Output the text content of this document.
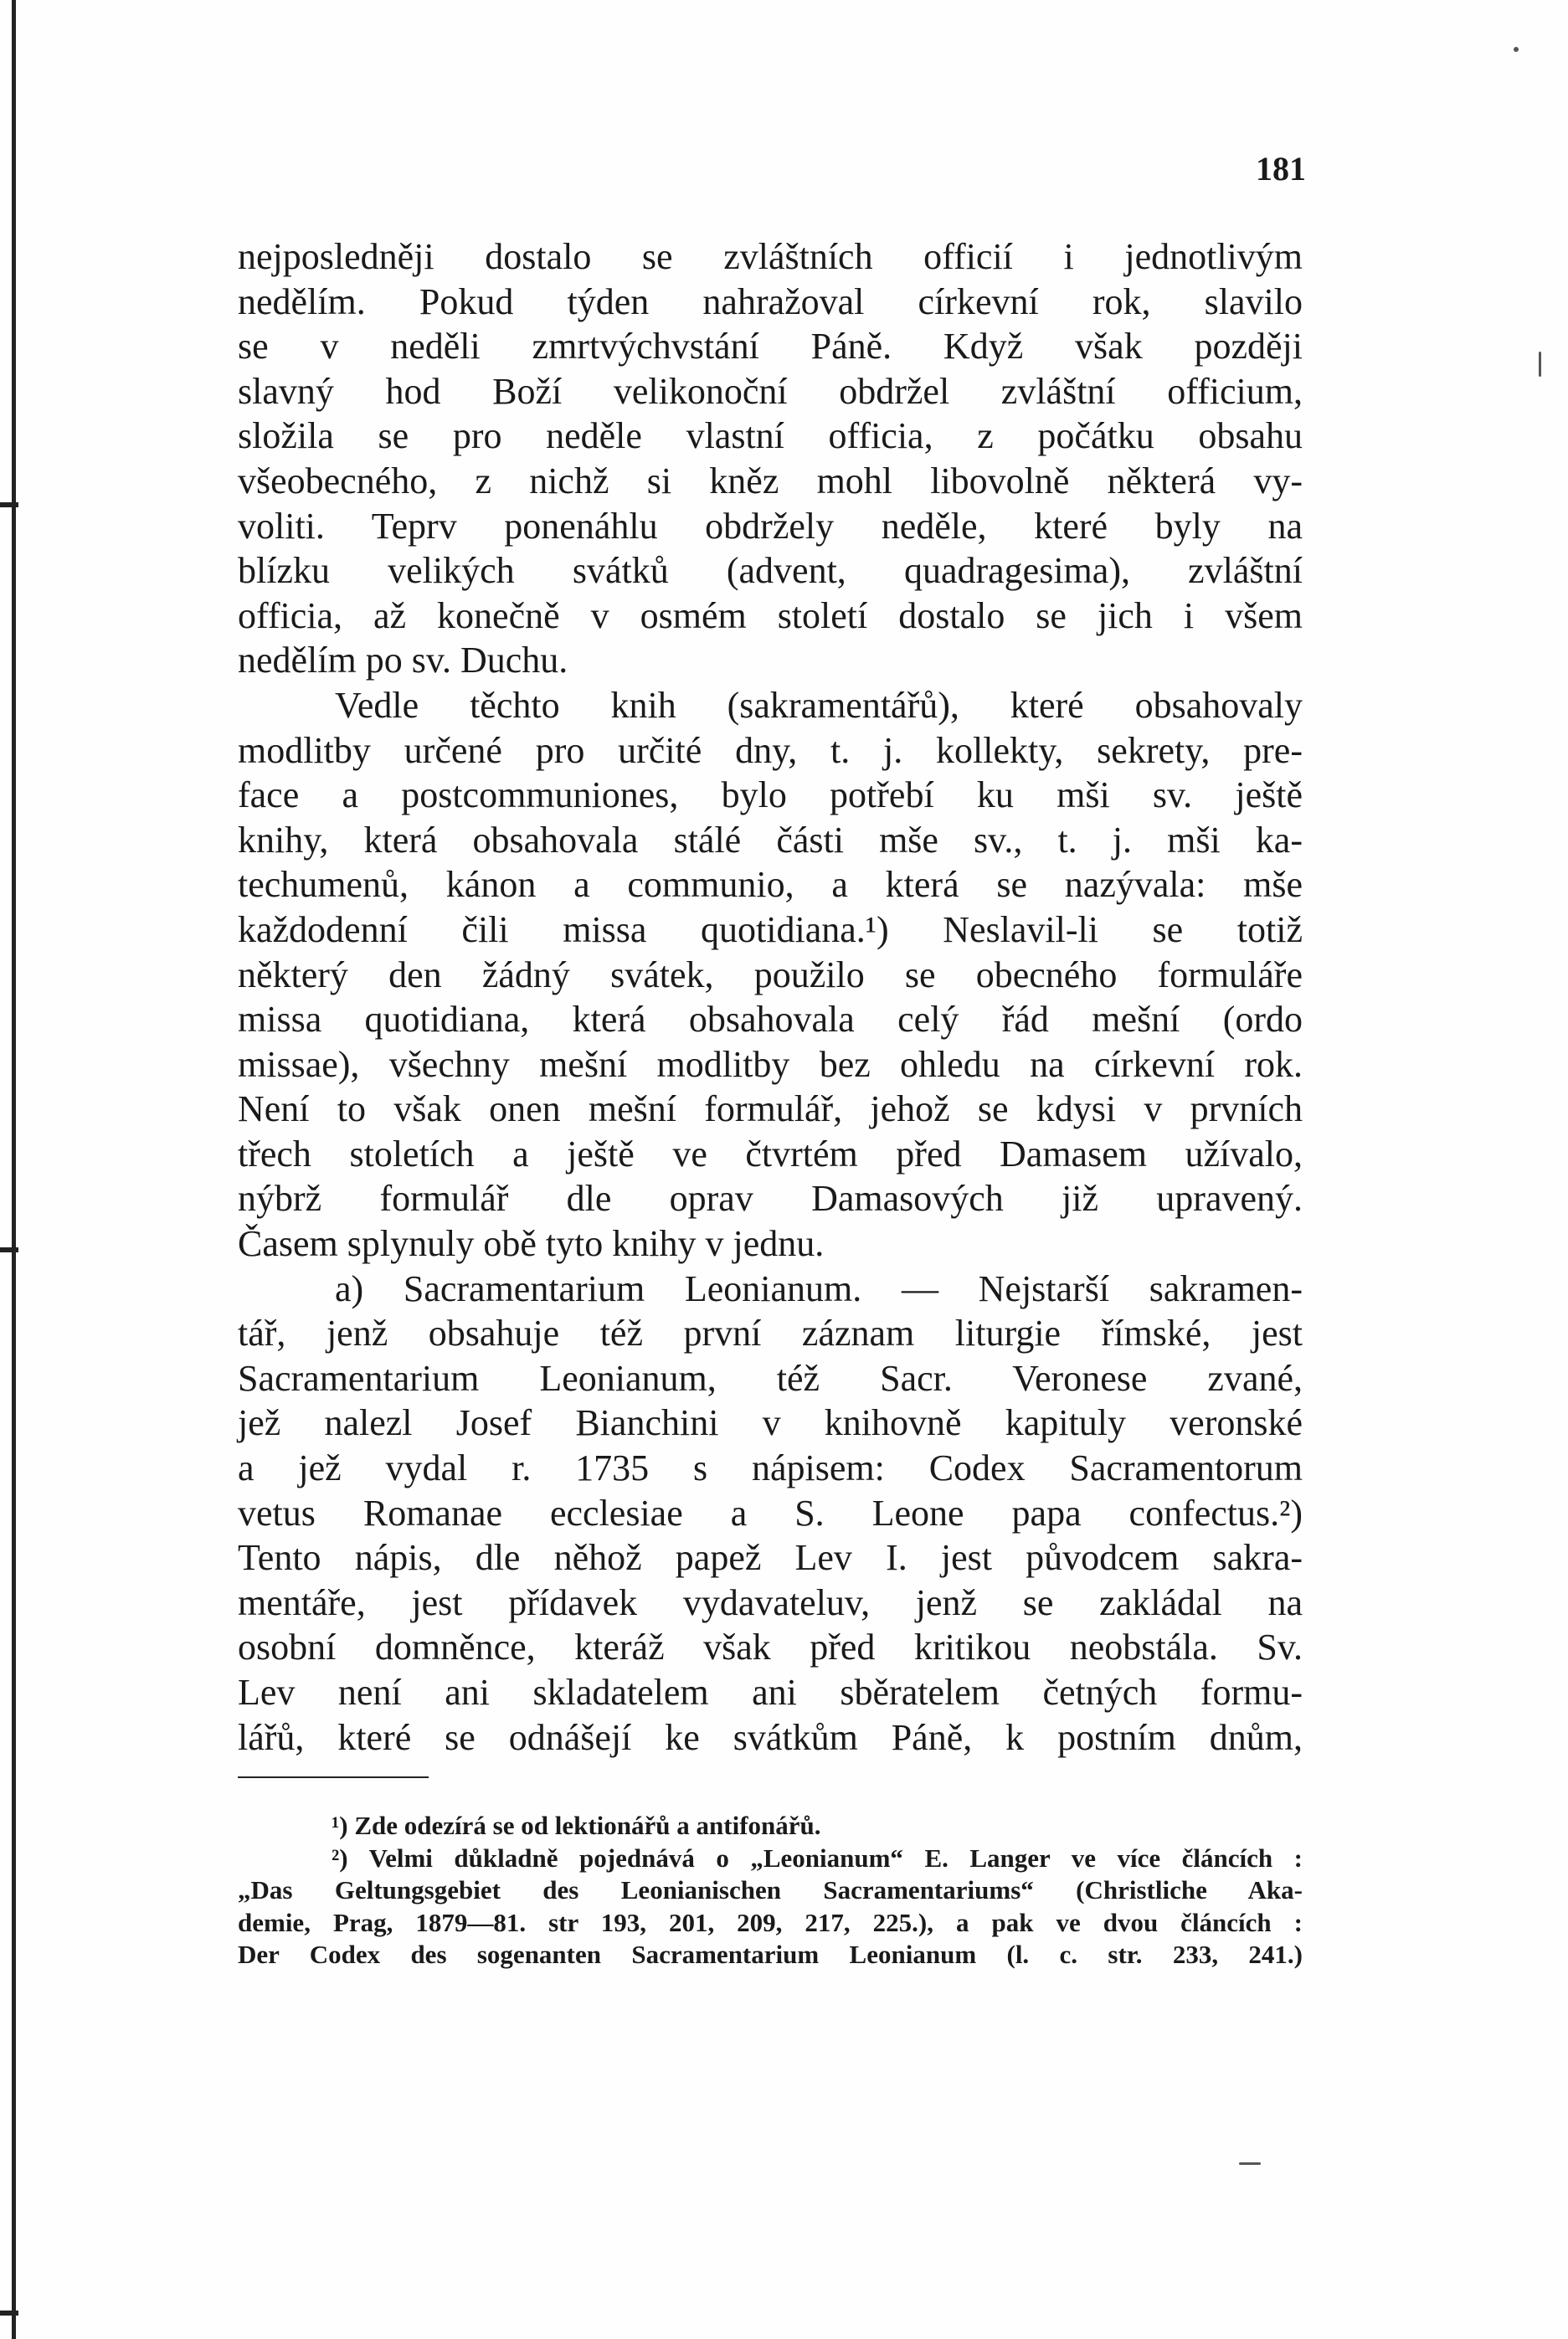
181
nejposledněji dostalo se zvláštních officií i jednotlivým
nedělím. Pokud týden nahražoval církevní rok, slavilo
se v neděli zmrtvýchvstání Páně. Když však později
slavný hod Boží velikonoční obdržel zvláštní officium,
složila se pro neděle vlastní officia, z počátku obsahu
všeobecného, z nichž si kněz mohl libovolně některá vy-
voliti. Teprv ponenáhlu obdržely neděle, které byly na
blízku velikých svátků (advent, quadragesima), zvláštní
officia, až konečně v osmém století dostalo se jich i všem
nedělím po sv. Duchu.
Vedle těchto knih (sakramentářů), které obsahovaly
modlitby určené pro určité dny, t. j. kollekty, sekrety, pre-
face a postcommuniones, bylo potřebí ku mši sv. ještě
knihy, která obsahovala stálé části mše sv., t. j. mši ka-
techumenů, kánon a communio, a která se nazývala: mše
každodenní čili missa quotidiana.¹) Neslavil-li se totiž
některý den žádný svátek, použilo se obecného formuláře
missa quotidiana, která obsahovala celý řád mešní (ordo
missae), všechny mešní modlitby bez ohledu na církevní rok.
Není to však onen mešní formulář, jehož se kdysi v prvních
třech stoletích a ještě ve čtvrtém před Damasem užívalo,
nýbrž formulář dle oprav Damasových již upravený.
Časem splynuly obě tyto knihy v jednu.
a) Sacramentarium Leonianum. — Nejstarší sakramen-
tář, jenž obsahuje též první záznam liturgie římské, jest
Sacramentarium Leonianum, též Sacr. Veronese zvané,
jež nalezl Josef Bianchini v knihovně kapituly veronské
a jež vydal r. 1735 s nápisem: Codex Sacramentorum
vetus Romanae ecclesiae a S. Leone papa confectus.²)
Tento nápis, dle něhož papež Lev I. jest původcem sakra-
mentáře, jest přídavek vydavateluv, jenž se zakládal na
osobní domněnce, kteráž však před kritikou neobstála. Sv.
Lev není ani skladatelem ani sběratelem četných formu-
lářů, které se odnášejí ke svátkům Páně, k postním dnům,
¹) Zde odezírá se od lektionářů a antifonářů.
²) Velmi důkladně pojednává o „Leonianum“ E. Langer ve více článcích :
„Das Geltungsgebiet des Leonianischen Sacramentariums“ (Christliche Aka-
demie, Prag, 1879—81. str 193, 201, 209, 217, 225.), a pak ve dvou článcích :
Der Codex des sogenanten Sacramentarium Leonianum (l. c. str. 233, 241.)
